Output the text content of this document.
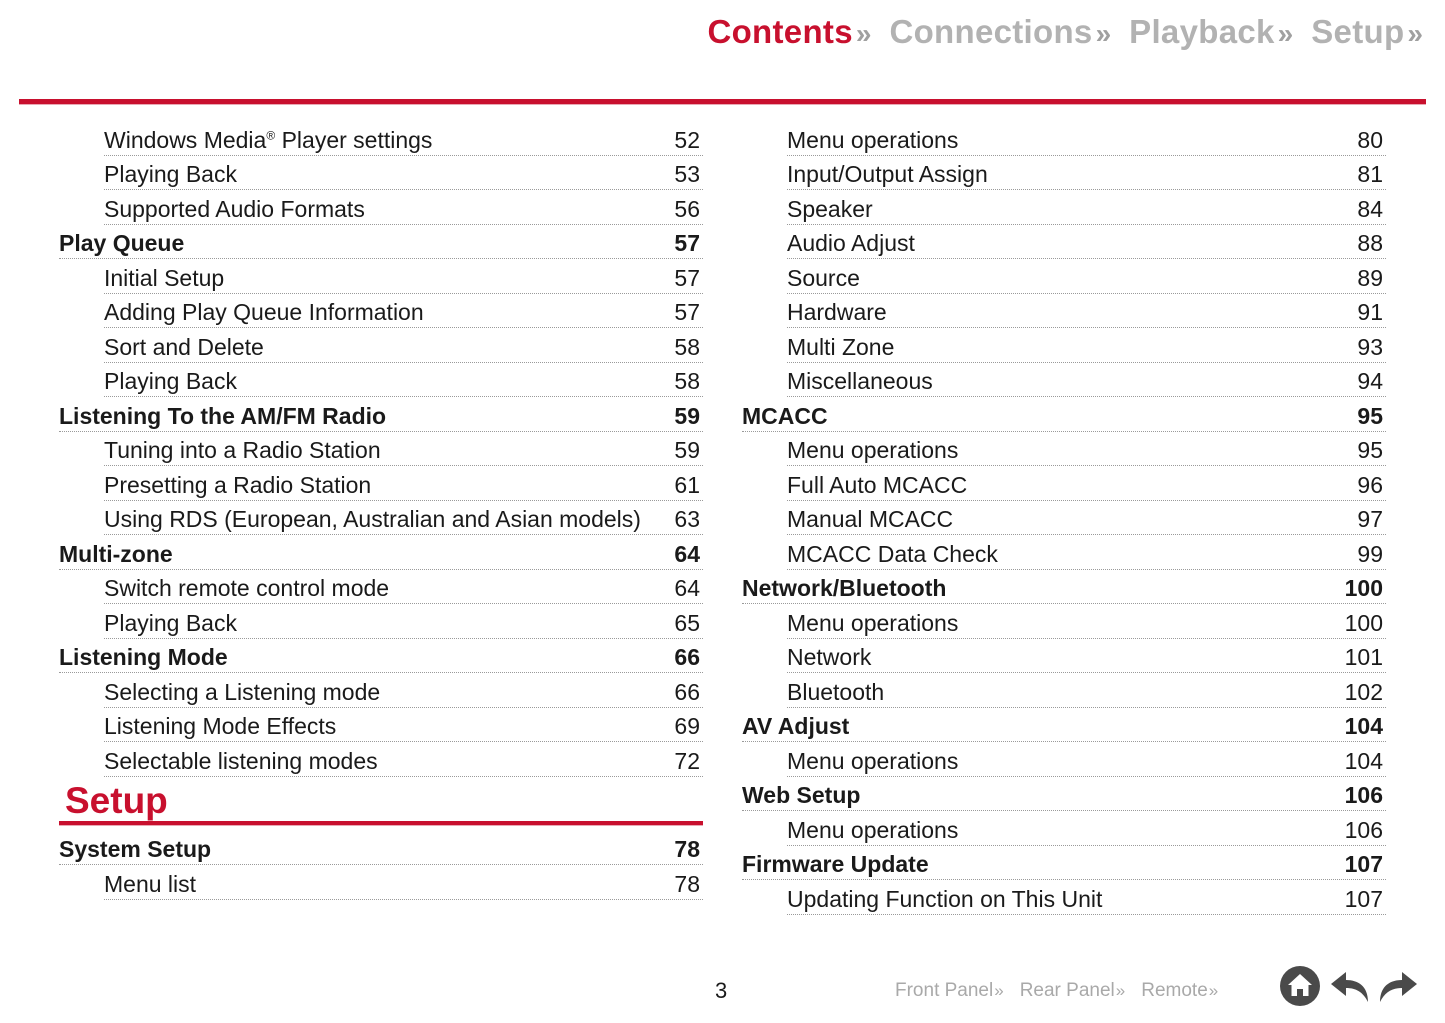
Contents » Connections » Playback » Setup »
Windows Media® Player settings	52
Playing Back	53
Supported Audio Formats	56
Play Queue	57
Initial Setup	57
Adding Play Queue Information	57
Sort and Delete	58
Playing Back	58
Listening To the AM/FM Radio	59
Tuning into a Radio Station	59
Presetting a Radio Station	61
Using RDS (European, Australian and Asian models) 63
Multi-zone	64
Switch remote control mode	64
Playing Back	65
Listening Mode	66
Selecting a Listening mode	66
Listening Mode Effects	69
Selectable listening modes	72
Setup
System Setup	78
Menu list	78
Menu operations	80
Input/Output Assign	81
Speaker	84
Audio Adjust	88
Source	89
Hardware	91
Multi Zone	93
Miscellaneous	94
MCACC	95
Menu operations	95
Full Auto MCACC	96
Manual MCACC	97
MCACC Data Check	99
Network/Bluetooth	100
Menu operations	100
Network	101
Bluetooth	102
AV Adjust	104
Menu operations	104
Web Setup	106
Menu operations	106
Firmware Update	107
Updating Function on This Unit	107
3	Front Panel » Rear Panel » Remote »
